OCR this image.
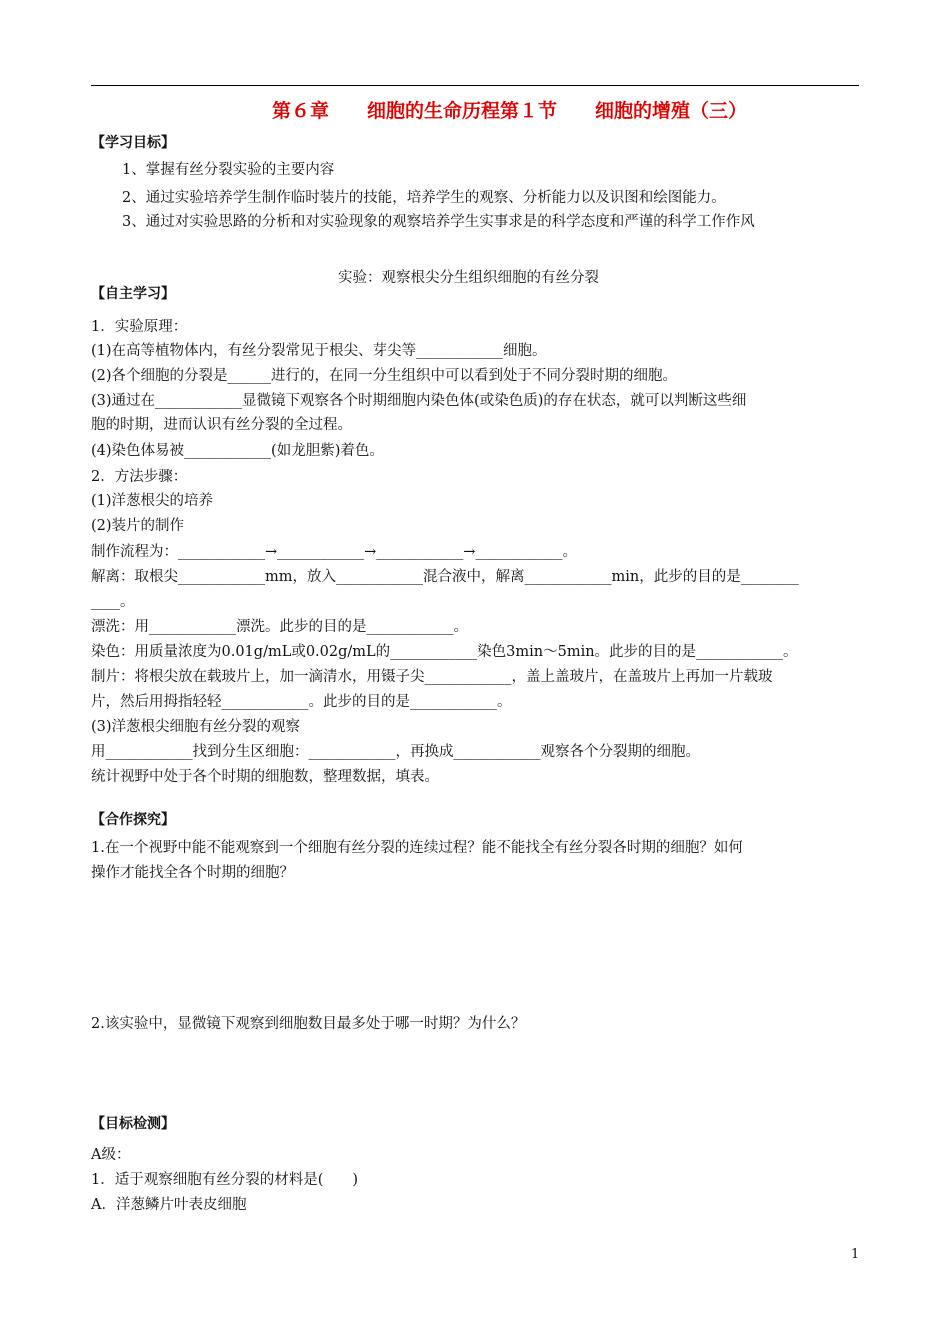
第６章　　细胞的生命历程第１节　　细胞的增殖（三）
【学习目标】
1、掌握有丝分裂实验的主要内容
2、通过实验培养学生制作临时装片的技能，培养学生的观察、分析能力以及识图和绘图能力。
3、通过对实验思路的分析和对实验现象的观察培养学生实事求是的科学态度和严谨的科学工作作风
实验：观察根尖分生组织细胞的有丝分裂
【自主学习】
1．实验原理：
(1)在高等植物体内，有丝分裂常见于根尖、芽尖等____________细胞。
(2)各个细胞的分裂是______进行的，在同一分生组织中可以看到处于不同分裂时期的细胞。
(3)通过在____________显微镜下观察各个时期细胞内染色体(或染色质)的存在状态，就可以判断这些细
胞的时期，进而认识有丝分裂的全过程。
(4)染色体易被____________(如龙胆紫)着色。
2．方法步骤：
(1)洋葱根尖的培养
(2)装片的制作
制作流程为：____________→____________→____________→____________。
解离：取根尖____________mm，放入____________混合液中，解离____________min，此步的目的是________
____。
漂洗：用____________漂洗。此步的目的是____________。
染色：用质量浓度为0.01g/mL或0.02g/mL的____________染色3min～5min。此步的目的是____________。
制片：将根尖放在载玻片上，加一滴清水，用镊子尖____________，盖上盖玻片，在盖玻片上再加一片载玻
片，然后用拇指轻轻____________。此步的目的是____________。
(3)洋葱根尖细胞有丝分裂的观察
用____________找到分生区细胞：____________，再换成____________观察各个分裂期的细胞。
统计视野中处于各个时期的细胞数，整理数据，填表。
【合作探究】
1.在一个视野中能不能观察到一个细胞有丝分裂的连续过程？能不能找全有丝分裂各时期的细胞？如何
操作才能找全各个时期的细胞？
2.该实验中，显微镜下观察到细胞数目最多处于哪一时期？为什么？
【目标检测】
A级：
1．适于观察细胞有丝分裂的材料是(　　)
A．洋葱鳞片叶表皮细胞
1
